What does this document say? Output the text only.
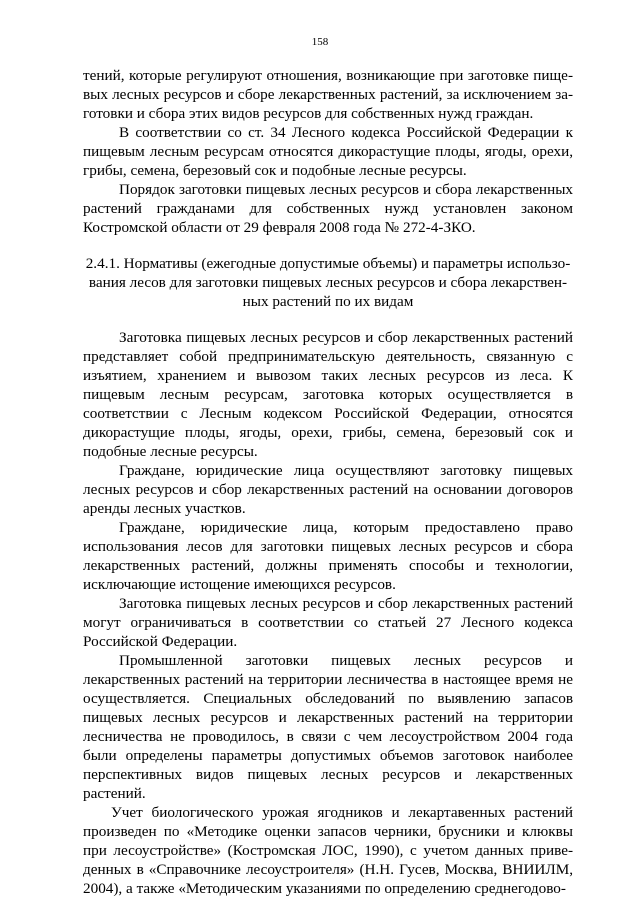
158

тений, которые регулируют отношения, возникающие при заготовке пищевых лесных ресурсов и сборе лекарственных растений, за исключением заготовки и сбора этих видов ресурсов для собственных нужд граждан.

В соответствии со ст. 34 Лесного кодекса Российской Федерации к пищевым лесным ресурсам относятся дикорастущие плоды, ягоды, орехи, грибы, семена, березовый сок и подобные лесные ресурсы.

Порядок заготовки пищевых лесных ресурсов и сбора лекарственных растений гражданами для собственных нужд установлен законом Костромской области от 29 февраля 2008 года № 272-4-ЗКО.

2.4.1. Нормативы (ежегодные допустимые объемы) и параметры использования лесов для заготовки пищевых лесных ресурсов и сбора лекарственных растений по их видам

Заготовка пищевых лесных ресурсов и сбор лекарственных растений представляет собой предпринимательскую деятельность, связанную с изъятием, хранением и вывозом таких лесных ресурсов из леса. К пищевым лесным ресурсам, заготовка которых осуществляется в соответствии с Лесным кодексом Российской Федерации, относятся дикорастущие плоды, ягоды, орехи, грибы, семена, березовый сок и подобные лесные ресурсы.

Граждане, юридические лица осуществляют заготовку пищевых лесных ресурсов и сбор лекарственных растений на основании договоров аренды лесных участков.

Граждане, юридические лица, которым предоставлено право использования лесов для заготовки пищевых лесных ресурсов и сбора лекарственных растений, должны применять способы и технологии, исключающие истощение имеющихся ресурсов.

Заготовка пищевых лесных ресурсов и сбор лекарственных растений могут ограничиваться в соответствии со статьей 27 Лесного кодекса Российской Федерации.

Промышленной заготовки пищевых лесных ресурсов и лекарственных растений на территории лесничества в настоящее время не осуществляется. Специальных обследований по выявлению запасов пищевых лесных ресурсов и лекарственных растений на территории лесничества не проводилось, в связи с чем лесоустройством 2004 года были определены параметры допустимых объемов заготовок наиболее перспективных видов пищевых лесных ресурсов и лекарственных растений.

Учет биологического урожая ягодников и лекартавенных растений произведен по «Методике оценки запасов черники, брусники и клюквы при лесоустройстве» (Костромская ЛОС, 1990), с учетом данных приведенных в «Справочнике лесоустроителя» (Н.Н. Гусев, Москва, ВНИИЛМ, 2004), а также «Методическим указаниями по определению среднегодово-
